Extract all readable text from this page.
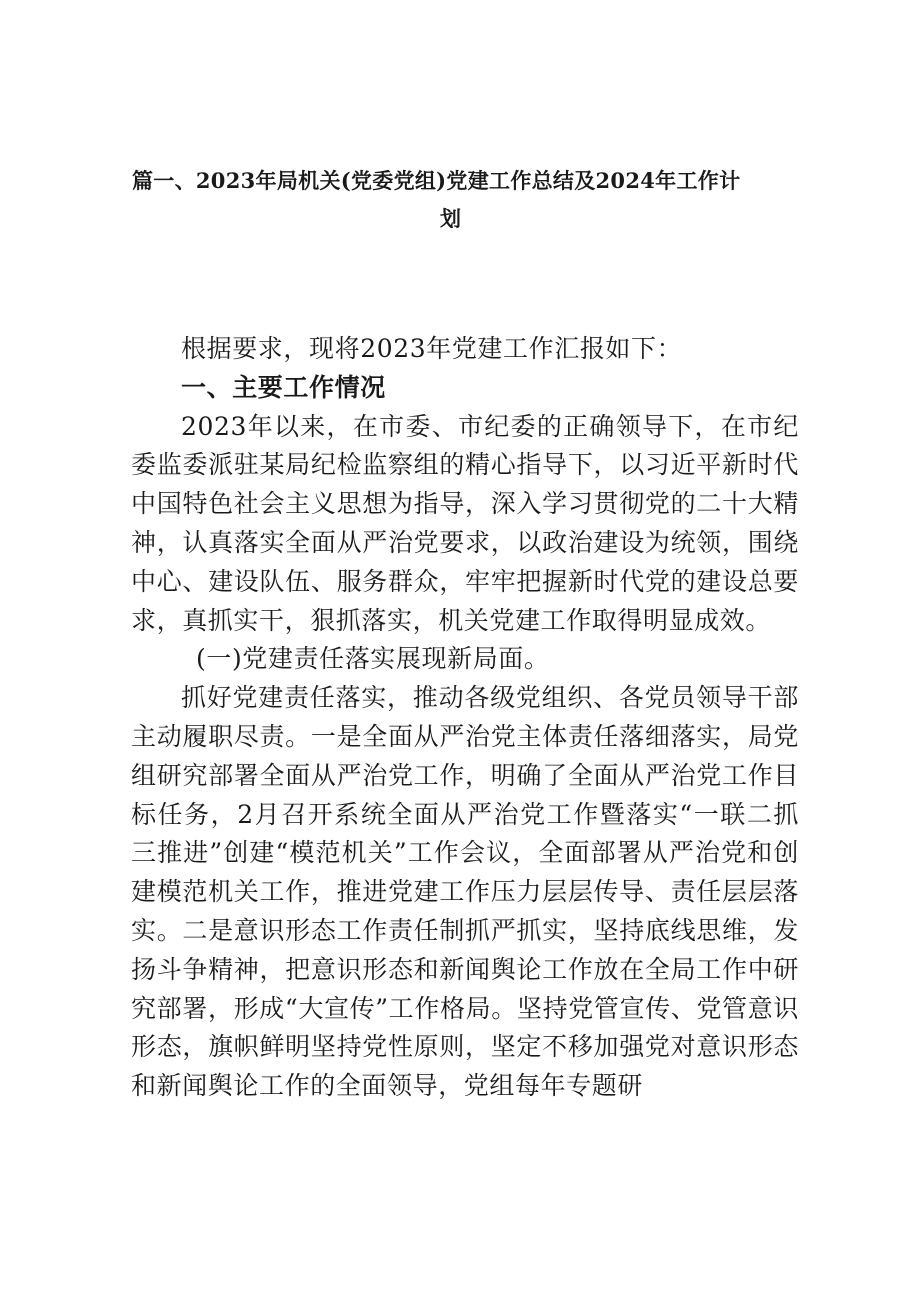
篇一、2023年局机关(党委党组)党建工作总结及2024年工作计
划

根据要求，现将2023年党建工作汇报如下：

一、主要工作情况

2023年以来，在市委、市纪委的正确领导下，在市纪委监委派驻某局纪检监察组的精心指导下，以习近平新时代中国特色社会主义思想为指导，深入学习贯彻党的二十大精神，认真落实全面从严治党要求，以政治建设为统领，围绕中心、建设队伍、服务群众，牢牢把握新时代党的建设总要求，真抓实干，狠抓落实，机关党建工作取得明显成效。

(一)党建责任落实展现新局面。

抓好党建责任落实，推动各级党组织、各党员领导干部主动履职尽责。一是全面从严治党主体责任落细落实，局党组研究部署全面从严治党工作，明确了全面从严治党工作目标任务，2月召开系统全面从严治党工作暨落实“一联二抓三推进”创建“模范机关”工作会议，全面部署从严治党和创建模范机关工作，推进党建工作压力层层传导、责任层层落实。二是意识形态工作责任制抓严抓实，坚持底线思维，发扬斗争精神，把意识形态和新闻舆论工作放在全局工作中研究部署，形成“大宣传”工作格局。坚持党管宣传、党管意识形态，旗帜鲜明坚持党性原则，坚定不移加强党对意识形态和新闻舆论工作的全面领导，党组每年专题研
